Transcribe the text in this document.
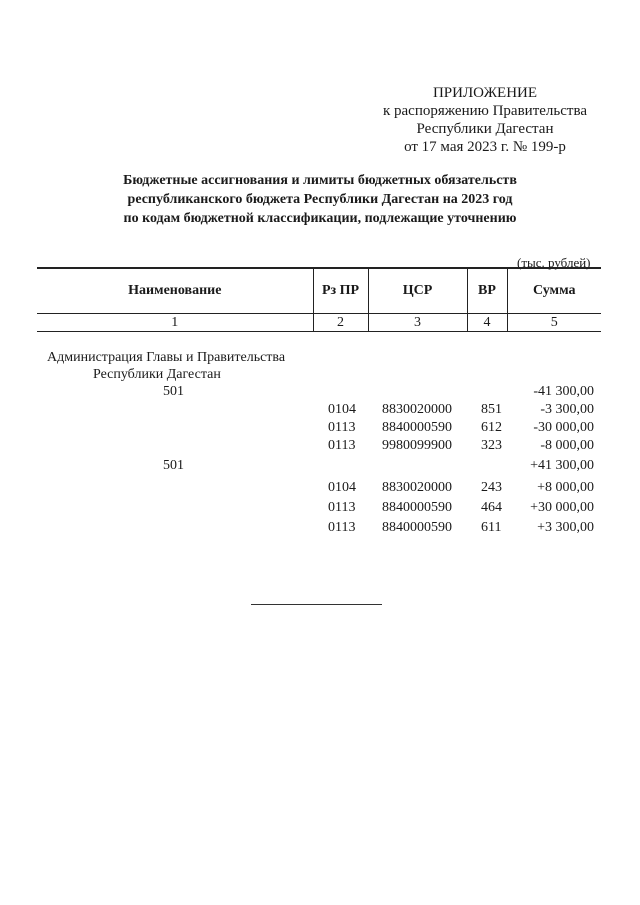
ПРИЛОЖЕНИЕ
к распоряжению Правительства
Республики Дагестан
от 17 мая 2023 г. № 199-р
Бюджетные ассигнования и лимиты бюджетных обязательств
республиканского бюджета Республики Дагестан на 2023 год
по кодам бюджетной классификации, подлежащие уточнению
(тыс. рублей)
Наименование	Рз ПР	ЦСР	ВР	Сумма
1	2	3	4	5
Администрация Главы и Правительства
Республики Дагестан
501	-41 300,00
0104 8830020000 851	-3 300,00
0113 8840000590 612 -30 000,00
0113 9980099900 323	-8 000,00
501	+41 300,00
0104 8830020000 243	+8 000,00
0113 8840000590 464 +30 000,00
0113 8840000590 611	+3 300,00
